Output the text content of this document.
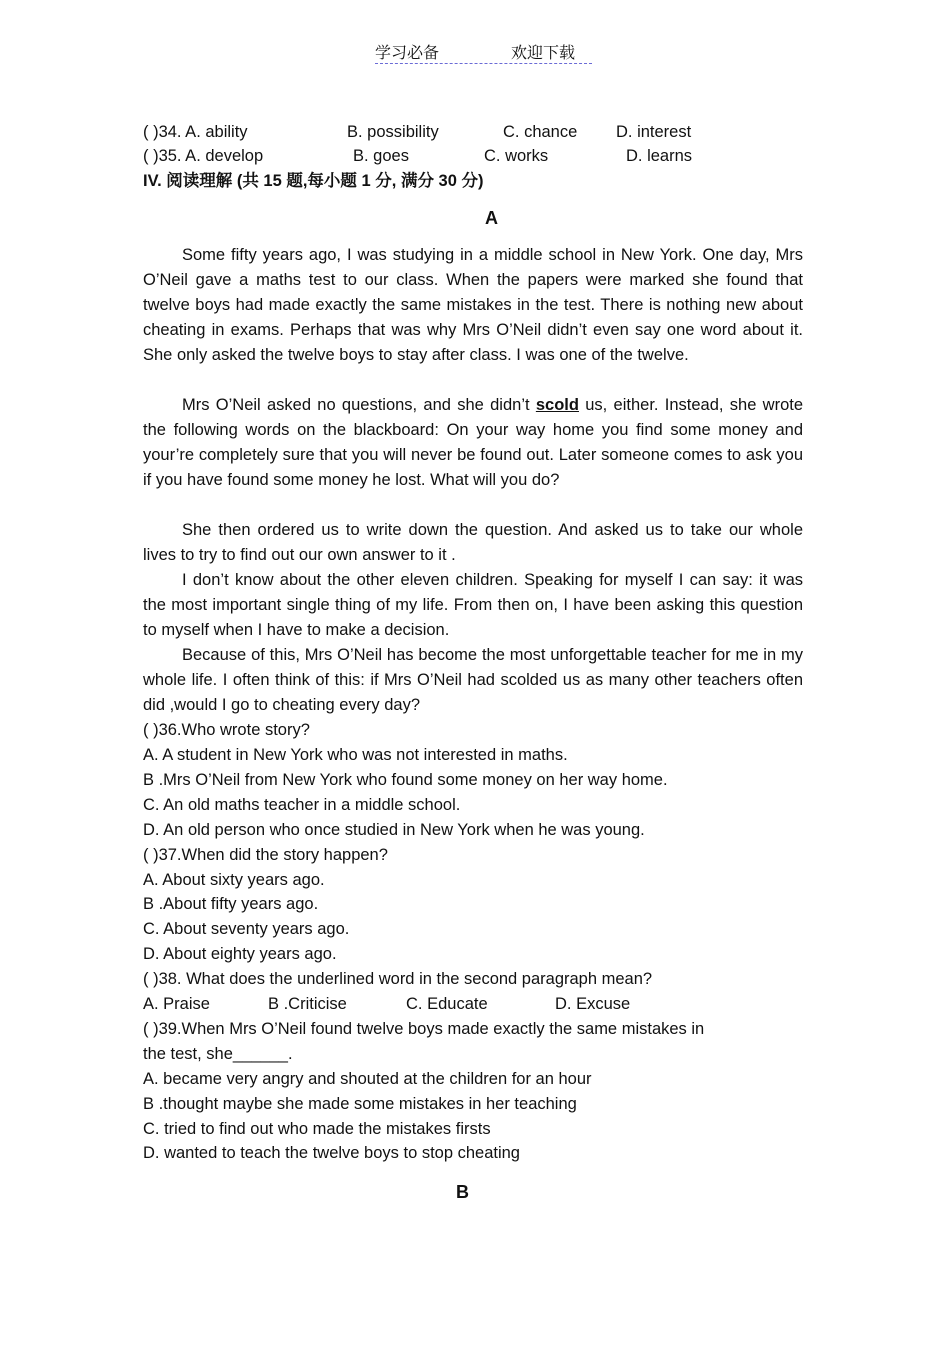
学习必备	欢迎下载
( )34. A. ability	B. possibility	C. chance D. interest
( )35. A. develop	B. goes	C. works	D. learns
IV. 阅读理解 (共 15 题,每小题 1 分, 满分 30 分)
A
Some fifty years ago, I was studying in a middle school in New York. One day, Mrs O’Neil gave a maths test to our class. When the papers were marked she found that twelve boys had made exactly the same mistakes in the test. There is nothing new about cheating in exams. Perhaps that was why Mrs O’Neil didn’t even say one word about it. She only asked the twelve boys to stay after class. I was one of the twelve.
Mrs O’Neil asked no questions, and she didn’t scold us, either. Instead, she wrote the following words on the blackboard: On your way home you find some money and your’re completely sure that you will never be found out. Later someone comes to ask you if you have found some money he lost. What will you do?
She then ordered us to write down the question. And asked us to take our whole lives to try to find out our own answer to it .
I don’t know about the other eleven children. Speaking for myself I can say: it was the most important single thing of my life. From then on, I have been asking this question to myself when I have to make a decision.
Because of this, Mrs O’Neil has become the most unforgettable teacher for me in my whole life. I often think of this: if Mrs O’Neil had scolded us as many other teachers often did ,would I go to cheating every day?
( )36.Who wrote story?
A. A student in New York who was not interested in maths.
B .Mrs O’Neil from New York who found some money on her way home.
C. An old maths teacher in a middle school.
D. An old person who once studied in New York when he was young.
( )37.When did the story happen?
A. About sixty years ago.
B .About fifty years ago.
C. About seventy years ago.
D. About eighty years ago.
( )38. What does the underlined word in the second paragraph mean?
A. Praise	B .Criticise	C. Educate	D. Excuse
( )39.When Mrs O’Neil found twelve boys made exactly the same mistakes in
the test, she______.
A. became very angry and shouted at the children for an hour
B .thought maybe she made some mistakes in her teaching
C. tried to find out who made the mistakes firsts
D. wanted to teach the twelve boys to stop cheating
B
